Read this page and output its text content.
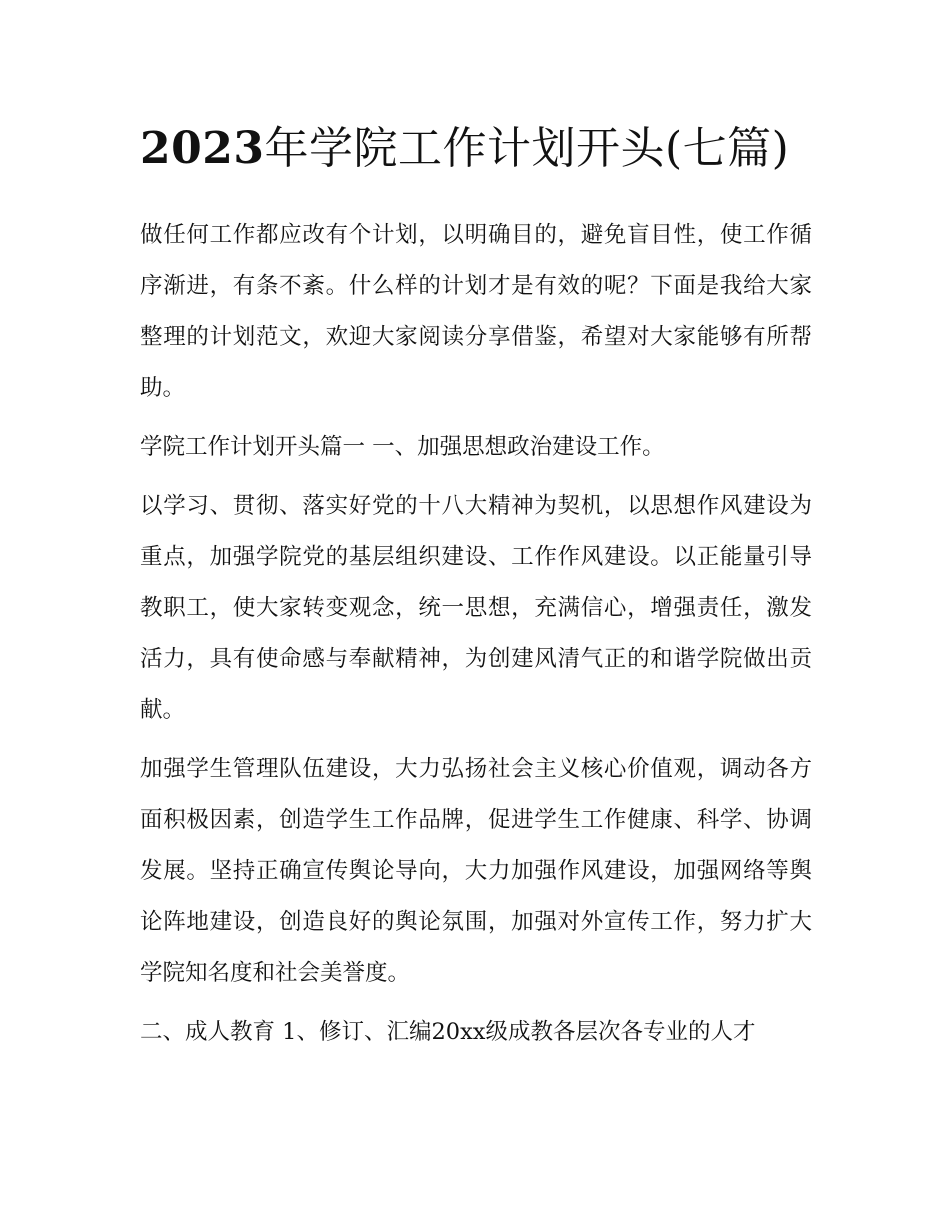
2023年学院工作计划开头(七篇)

做任何工作都应改有个计划，以明确目的，避免盲目性，使工作循序渐进，有条不紊。什么样的计划才是有效的呢？下面是我给大家整理的计划范文，欢迎大家阅读分享借鉴，希望对大家能够有所帮助。

学院工作计划开头篇一 一、加强思想政治建设工作。

以学习、贯彻、落实好党的十八大精神为契机，以思想作风建设为重点，加强学院党的基层组织建设、工作作风建设。以正能量引导教职工，使大家转变观念，统一思想，充满信心，增强责任，激发活力，具有使命感与奉献精神，为创建风清气正的和谐学院做出贡献。

加强学生管理队伍建设，大力弘扬社会主义核心价值观，调动各方面积极因素，创造学生工作品牌，促进学生工作健康、科学、协调发展。坚持正确宣传舆论导向，大力加强作风建设，加强网络等舆论阵地建设，创造良好的舆论氛围，加强对外宣传工作，努力扩大学院知名度和社会美誉度。

二、成人教育 1、修订、汇编20xx级成教各层次各专业的人才
